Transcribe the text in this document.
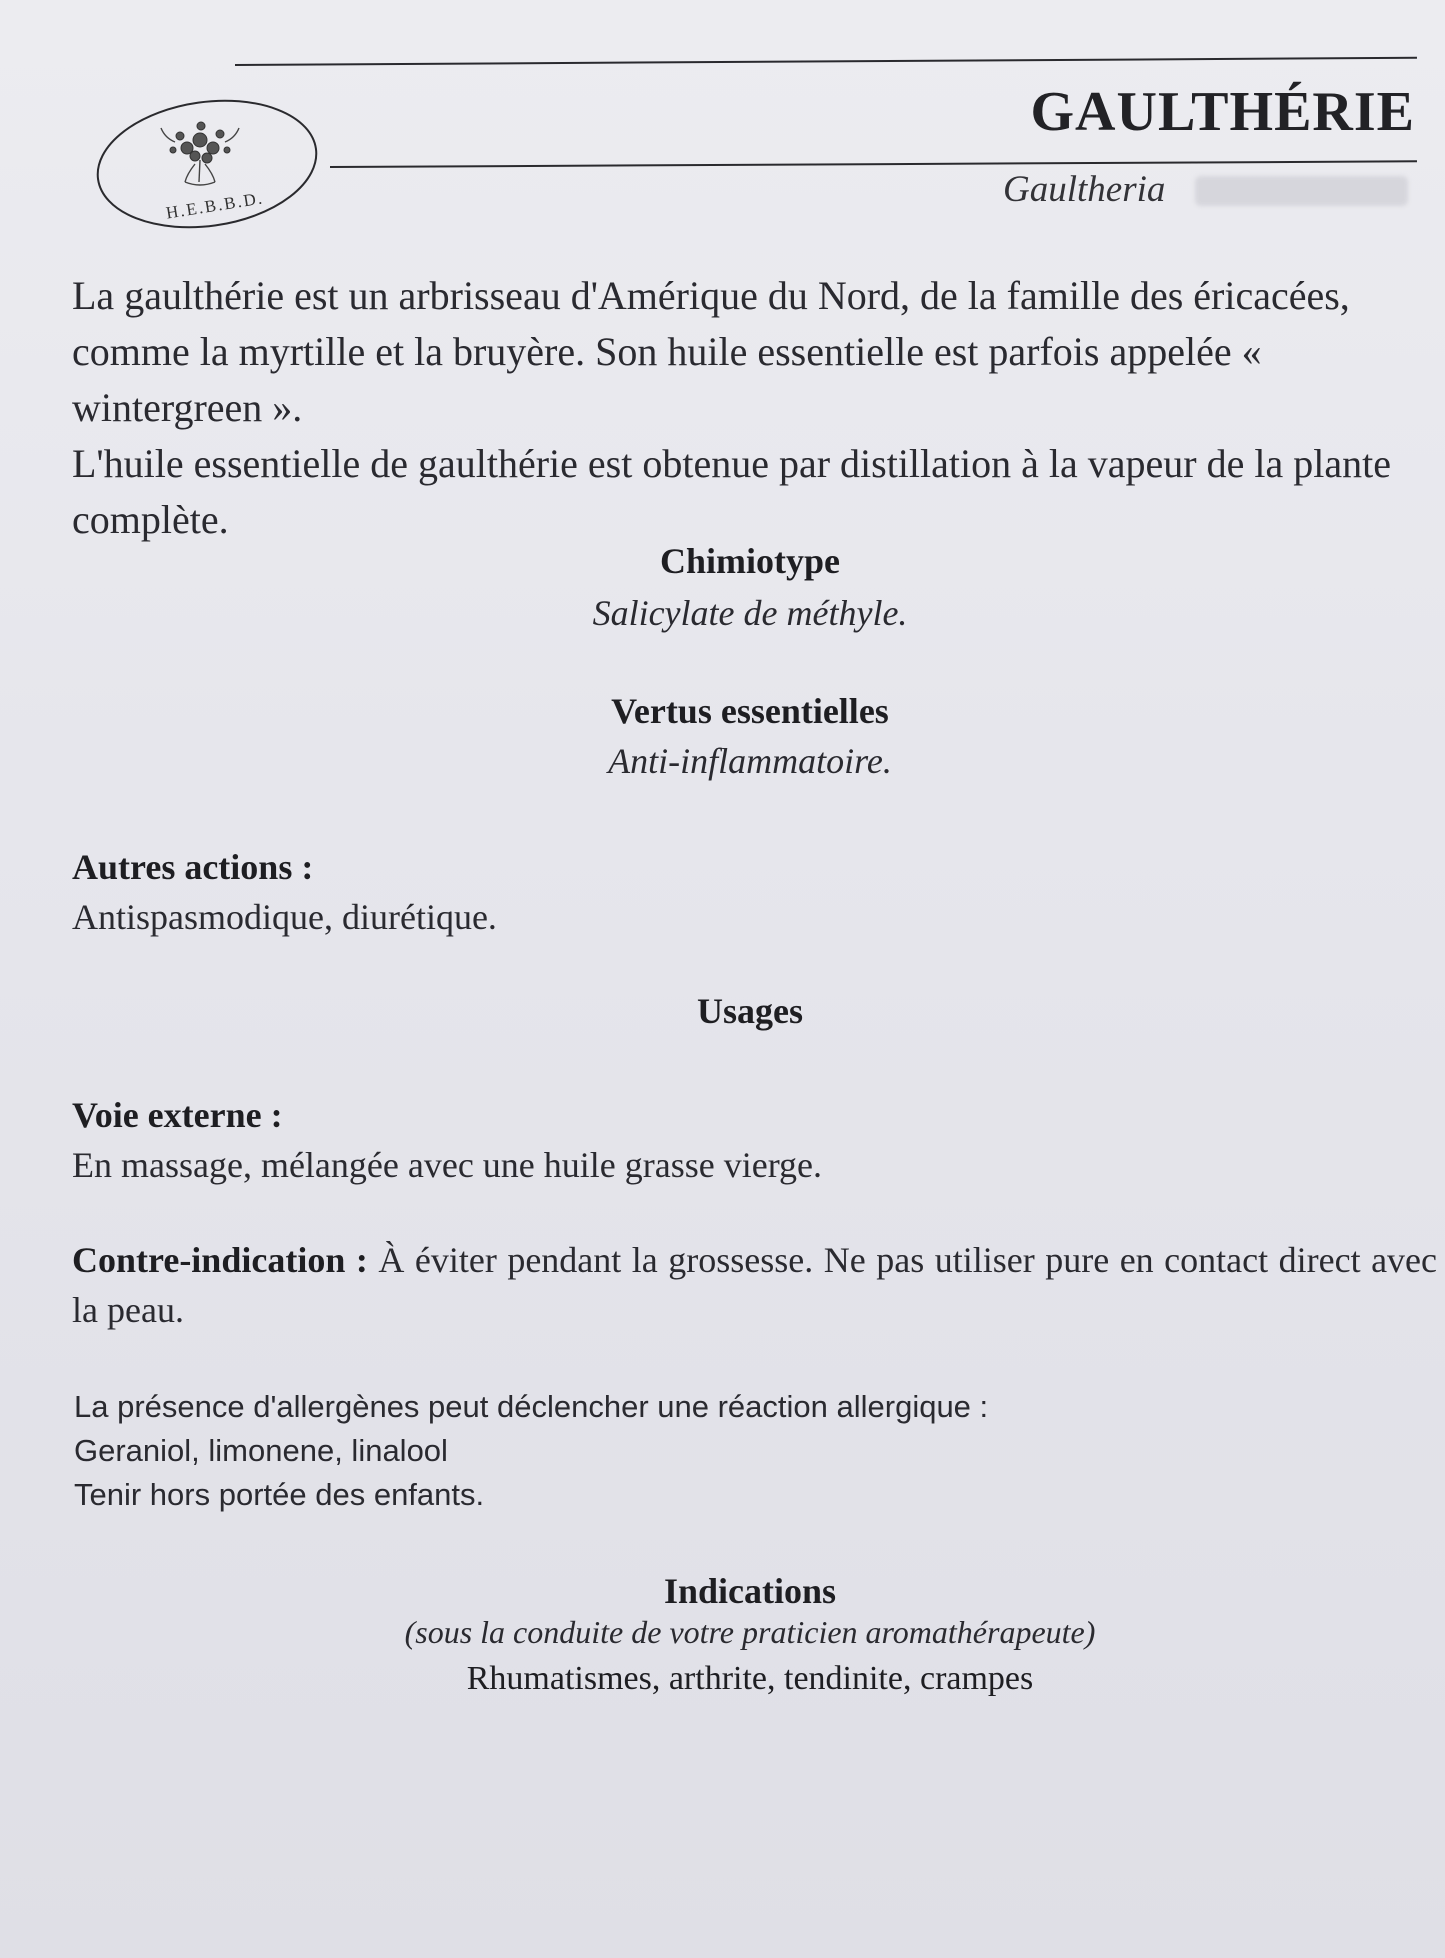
H.E.B.B.D.
GAULTHÉRIE
Gaultheria

La gaulthérie est un arbrisseau d'Amérique du Nord, de la famille des éricacées, comme la myrtille et la bruyère. Son huile essentielle est parfois appelée « wintergreen ».

L'huile essentielle de gaulthérie est obtenue par distillation à la vapeur de la plante complète.

Chimiotype
Salicylate de méthyle.
Vertus essentielles
Anti-inflammatoire.
Autres actions :
Antispasmodique, diurétique.
Usages
Voie externe :
En massage, mélangée avec une huile grasse vierge.
Contre-indication : À éviter pendant la grossesse. Ne pas utiliser pure en contact direct avec la peau.
La présence d'allergènes peut déclencher une réaction allergique :
Geraniol, limonene, linalool
Tenir hors portée des enfants.
Indications
(sous la conduite de votre praticien aromathérapeute)
Rhumatismes, arthrite, tendinite, crampes
